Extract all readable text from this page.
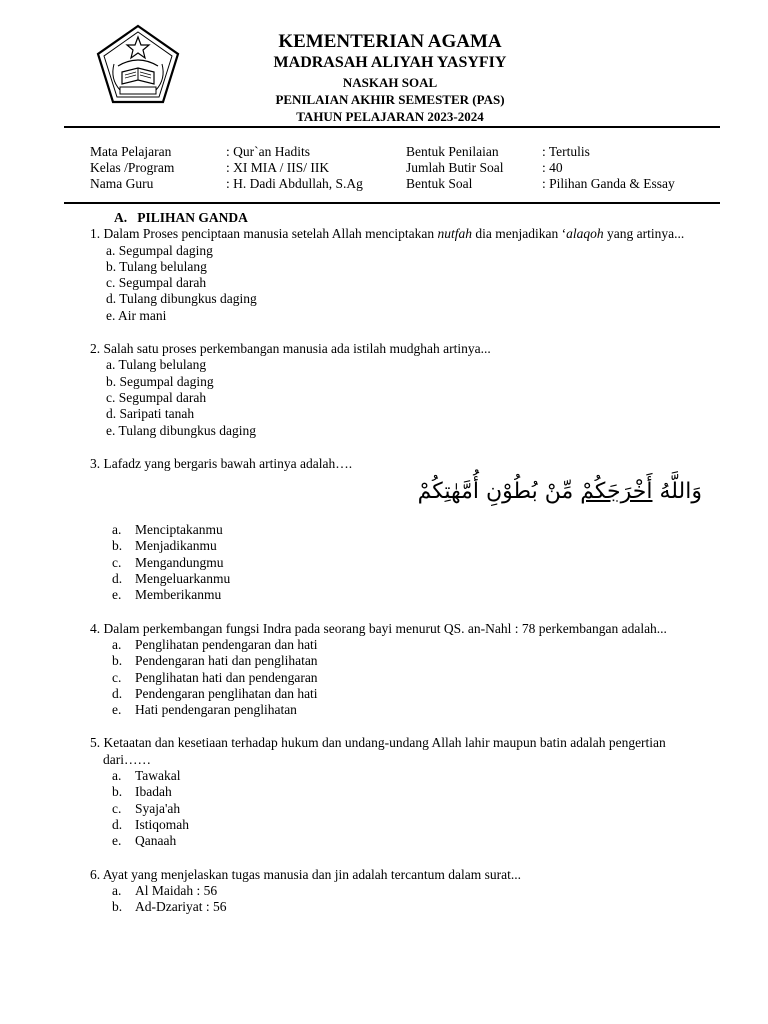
KEMENTERIAN AGAMA
MADRASAH ALIYAH YASYFIY
NASKAH SOAL
PENILAIAN AKHIR SEMESTER (PAS)
TAHUN PELAJARAN 2023-2024
Mata Pelajaran
Kelas /Program
Nama Guru
: Qur`an Hadits
: XI MIA / IIS/ IIK
: H. Dadi Abdullah, S.Ag
Bentuk Penilaian
Jumlah Butir Soal
Bentuk Soal
: Tertulis
: 40
: Pilihan Ganda & Essay
A. PILIHAN GANDA
1. Dalam Proses penciptaan manusia setelah Allah menciptakan nutfah dia menjadikan ‘alaqoh yang artinya...
a. Segumpal daging
b. Tulang belulang
c. Segumpal darah
d. Tulang dibungkus daging
e. Air mani
2. Salah satu proses perkembangan manusia ada istilah mudghah artinya...
a. Tulang belulang
b. Segumpal daging
c. Segumpal darah
d. Saripati tanah
e. Tulang dibungkus daging
3. Lafadz yang bergaris bawah artinya adalah….
وَاللَّهُ أَخْرَجَكُمْ مِّنْ بُطُوْنِ أُمَّهٰتِكُمْ
a. Menciptakanmu
b. Menjadikanmu
c. Mengandungmu
d. Mengeluarkanmu
e. Memberikanmu
4. Dalam perkembangan fungsi Indra pada seorang bayi menurut QS. an-Nahl : 78 perkembangan adalah...
a. Penglihatan pendengaran dan hati
b. Pendengaran hati dan penglihatan
c. Penglihatan hati dan pendengaran
d. Pendengaran penglihatan dan hati
e. Hati pendengaran penglihatan
5. Ketaatan dan kesetiaan terhadap hukum dan undang-undang Allah lahir maupun batin adalah pengertian dari……
a. Tawakal
b. Ibadah
c. Syaja'ah
d. Istiqomah
e. Qanaah
6. Ayat yang menjelaskan tugas manusia dan jin adalah tercantum dalam surat...
a. Al Maidah : 56
b. Ad-Dzariyat : 56
